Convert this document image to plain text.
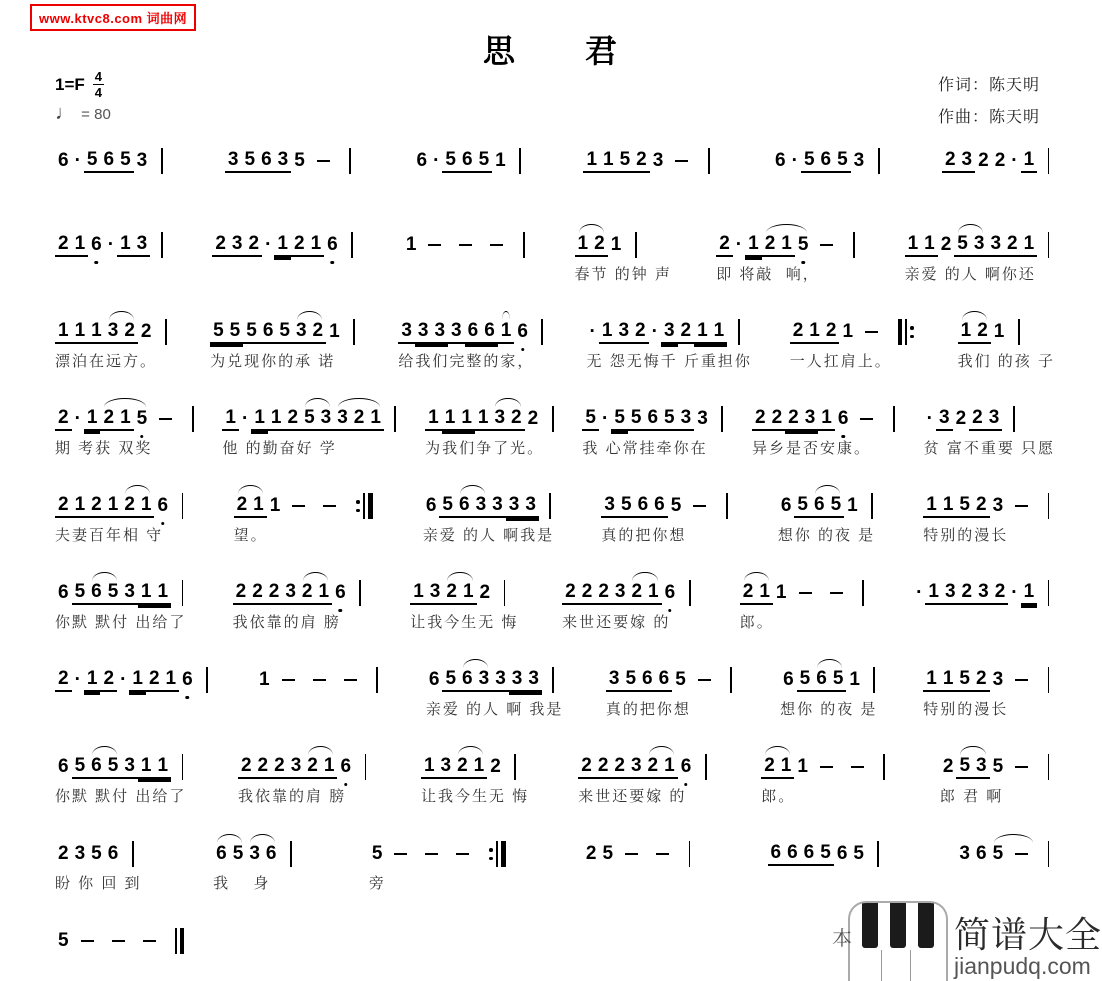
www.ktvc8.com 词曲网
思　　君
$1=F \frac{4}{4}$
♩ = 80
作词：陈天明
作曲：陈天明
6 · 5 6 5 3	3 5 6 3 5	6 · 5 6 5 1	1 1 5 2 3	6 · 5 6 5 3	2 3 2 2 · 1
2 1 6 · 1 3	2 3 2 · 1 2 1 6	1	1 2 1
春节 的钟 声
2 · 1 2 1 5
即 将敲  响，
1 1 2 5 3 3 2 1
亲爱 的人 啊你还
1 1 1 3 2 2
漂泊在远方。
5 5 5 6 5 3 2 1
为兑现你的承 诺
3 3 3 3 6 6 1 6
给我们完整的家，
· 1 3 2 · 3 2 1 1
无 怨无悔千 斤重担你
2 1 2 1
一人扛肩上。
1 2 1
我们 的孩 子
2 · 1 2 1 5
期 考获 双奖
1 · 1 1 2 5 3 3 2 1
他 的勤奋好 学
1 1 1 1 3 2 2
为我们争了光。
5 · 5 5 6 5 3 3
我 心常挂牵你在
2 2 2 3 1 6
异乡是否安康。
· 3 2 2 3
贫 富不重要 只愿
2 1 2 1 2 1 6
夫妻百年相 守
2 1 1
望。
6 5 6 3 3 3 3
亲爱 的人 啊我是
3 5 6 6 5
真的把你想
6 5 6 5 1
想你 的夜 是
1 1 5 2 3
特别的漫长
6 5 6 5 3 1 1
你默 默付 出给了
2 2 2 3 2 1 6
我依靠的肩 膀
1 3 2 1 2
让我今生无 悔
2 2 2 3 2 1 6
来世还要嫁 的
2 1 1
郎。
· 1 3 2 3 2 · 1
2 · 1 2 · 1 2 1 6	1	6 5 6 3 3 3 3
亲爱 的人 啊 我是
3 5 6 6 5
真的把你想
6 5 6 5 1
想你 的夜 是
1 1 5 2 3
特别的漫长
6 5 6 5 3 1 1
你默 默付 出给了
2 2 2 3 2 1 6
我依靠的肩 膀
1 3 2 1 2
让我今生无 悔
2 2 2 3 2 1 6
来世还要嫁 的
2 1 1
郎。
2 5 3 5
郎 君 啊
2 3 5 6
盼 你 回 到
6 5 3 6
我　 身
5
旁
2 5	6 6 6 5 6 5	3 6 5
5	本	简谱大全
jianpudq.com
